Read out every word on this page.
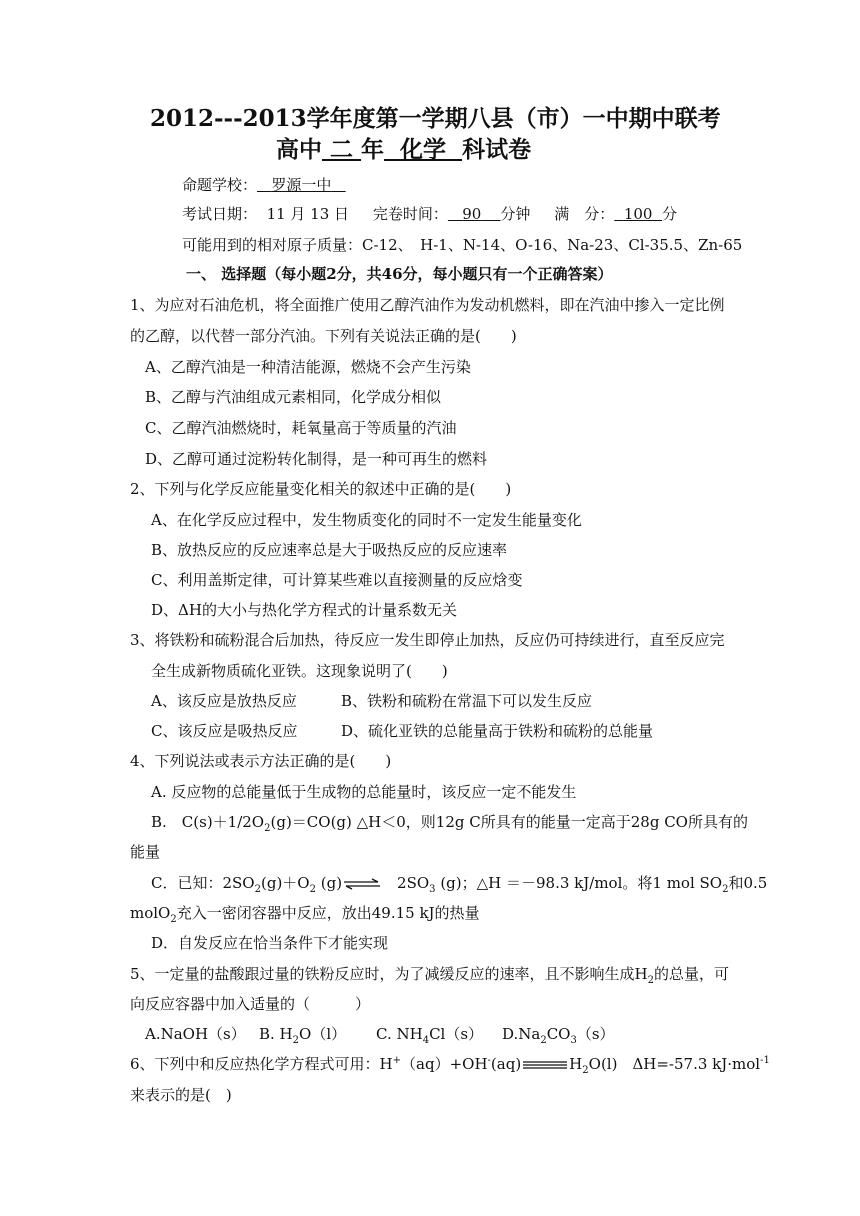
2012---2013学年度第一学期八县（市）一中期中联考
高中 二 年 化学 科试卷
命题学校： 罗源一中
考试日期： 11 月 13 日 完卷时间： 90 分钟 满　分： 100 分
可能用到的相对原子质量：C-12、　H-1、N-14、O-16、Na-23、Cl-35.5、Zn-65
一、 选择题（每小题2分，共46分，每小题只有一个正确答案）
1、为应对石油危机，将全面推广使用乙醇汽油作为发动机燃料，即在汽油中掺入一定比例
的乙醇，以代替一部分汽油。下列有关说法正确的是(　　)
A、乙醇汽油是一种清洁能源，燃烧不会产生污染
B、乙醇与汽油组成元素相同，化学成分相似
C、乙醇汽油燃烧时，耗氧量高于等质量的汽油
D、乙醇可通过淀粉转化制得，是一种可再生的燃料
2、下列与化学反应能量变化相关的叙述中正确的是(　　)
A、在化学反应过程中，发生物质变化的同时不一定发生能量变化
B、放热反应的反应速率总是大于吸热反应的反应速率
C、利用盖斯定律，可计算某些难以直接测量的反应焓变
D、ΔH的大小与热化学方程式的计量系数无关
3、将铁粉和硫粉混合后加热，待反应一发生即停止加热，反应仍可持续进行，直至反应完
全生成新物质硫化亚铁。这现象说明了(　　)
A、该反应是放热反应	B、铁粉和硫粉在常温下可以发生反应
C、该反应是吸热反应	D、硫化亚铁的总能量高于铁粉和硫粉的总能量
4、下列说法或表示方法正确的是(　　)
A. 反应物的总能量低于生成物的总能量时，该反应一定不能发生
B.　$C(s)+1/2O_2(g)=CO(g)$ △H＜0，则12g C所具有的能量一定高于28g CO所具有的
能量
C．已知：$2SO_2(g)+O_2$ (g)⇌ 　$2SO_3$ (g)；△H ＝－98.3 kJ/mol。将1 mol $SO_2$和0.5
molO$_2$充入一密闭容器中反应，放出49.15 kJ的热量
D．自发反应在恰当条件下才能实现
5、一定量的盐酸跟过量的铁粉反应时，为了减缓反应的速率，且不影响生成$H_2$的总量，可
向反应容器中加入适量的（　　　）
A.NaOH（s） B. $H_2O(l)$ C. $NH_4Cl(s)$ $D.Na_2CO_3(s)$
6、下列中和反应热化学方程式可用：H+（aq）+OH-(aq)	$H_2O(l)$　ΔH=-57.3 kJ·mol$^{-1}$
来表示的是(　)
